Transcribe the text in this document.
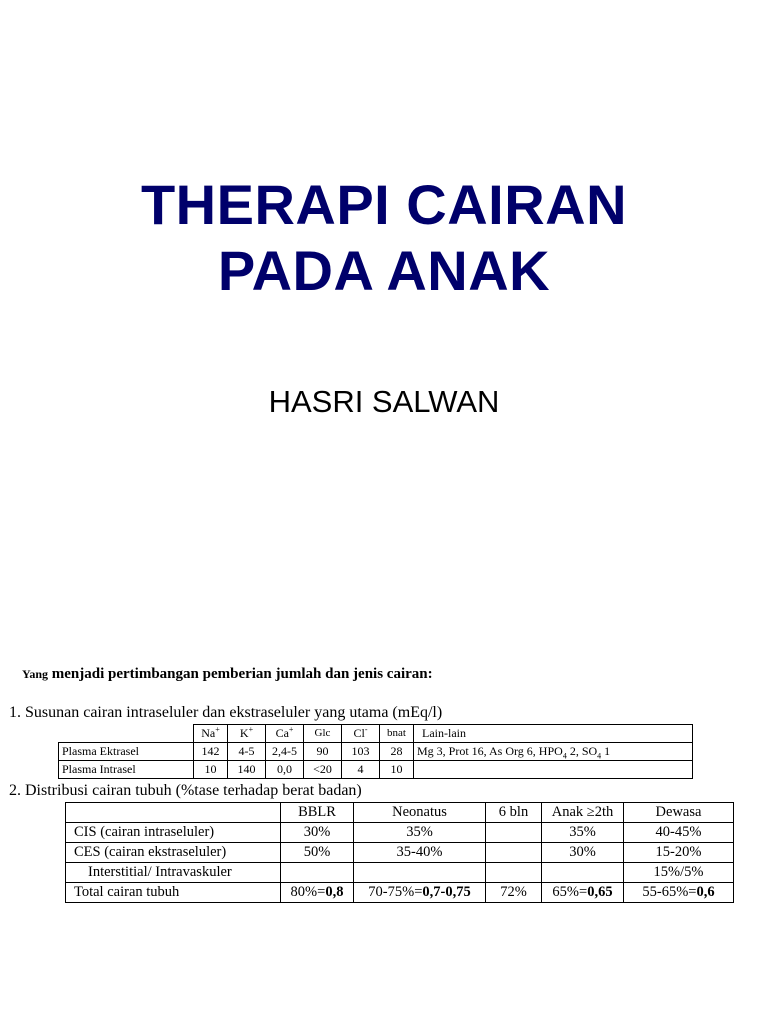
THERAPI CAIRAN
PADA ANAK
HASRI SALWAN
Yang menjadi pertimbangan pemberian jumlah dan jenis cairan:
1. Susunan cairan intraseluler dan ekstraseluler yang utama (mEq/l)
	Na+	K+	Ca+	Glc	Cl-	bnat	Lain-lain
Plasma Ektrasel	142	4-5	2,4-5	90	103	28	Mg 3, Prot 16, As Org 6, $HPO_4$ 2, $SO_4$ 1
Plasma Intrasel	10	140	0,0	<20	4	10	
2. Distribusi cairan tubuh (%tase terhadap berat badan)
	BBLR	Neonatus	6 bln	Anak ≥2th	Dewasa
CIS (cairan intraseluler)	30%	35%		35%	40-45%
CES (cairan ekstraseluler)	50%	35-40%		30%	15-20%
Interstitial/ Intravaskuler					15%/5%
Total cairan tubuh	80%=0,8	70-75%=0,7-0,75	72%	65%=0,65	55-65%=0,6
